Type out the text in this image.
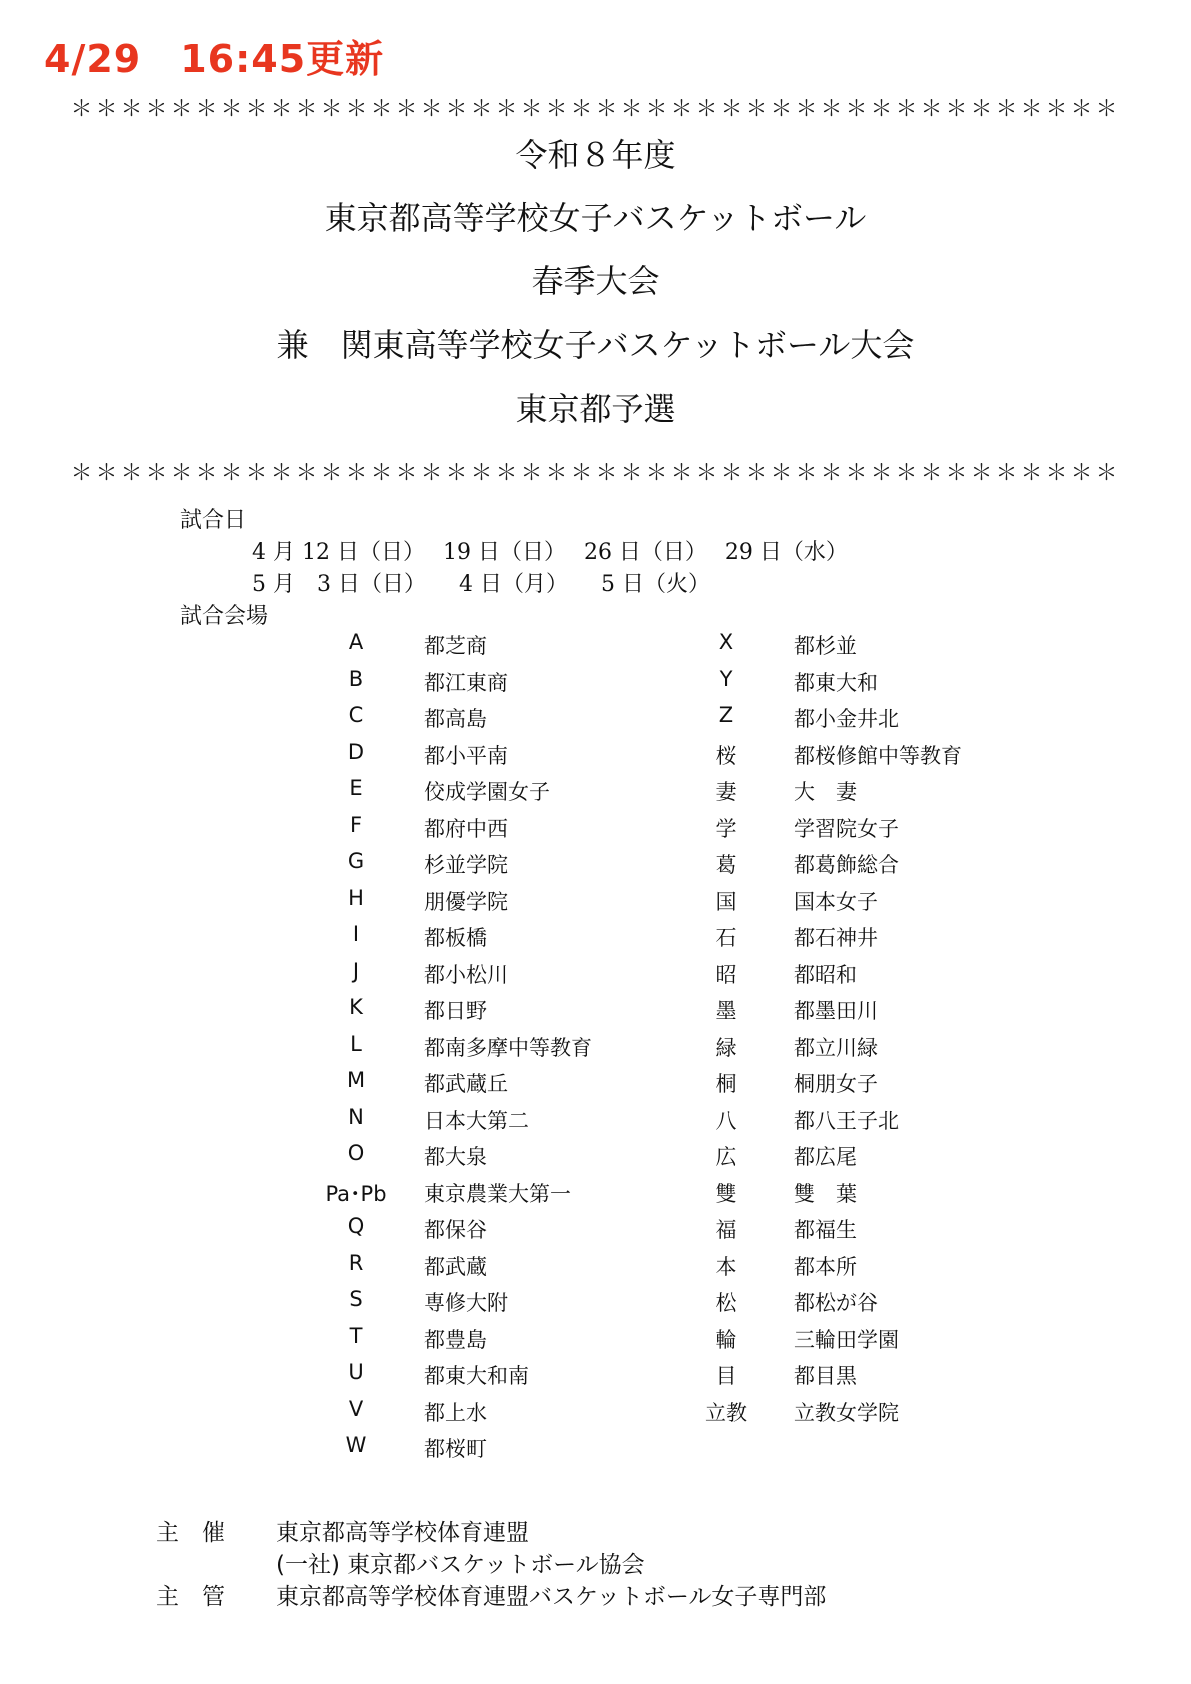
4/29　16:45更新
＊＊＊＊＊＊＊＊＊＊＊＊＊＊＊＊＊＊＊＊＊＊＊＊＊＊＊＊＊＊＊＊＊＊＊＊＊＊＊＊＊＊
令和８年度
東京都高等学校女子バスケットボール
春季大会
兼　関東高等学校女子バスケットボール大会
東京都予選
＊＊＊＊＊＊＊＊＊＊＊＊＊＊＊＊＊＊＊＊＊＊＊＊＊＊＊＊＊＊＊＊＊＊＊＊＊＊＊＊＊＊
試合日
4 月 12 日（日）　 19 日（日）　 26 日（日）　 29 日（水）
5 月　3 日（日）　　4 日（月）　　5 日（火）
試合会場
A	都芝商
B	都江東商
C	都高島
D	都小平南
E	佼成学園女子
F	都府中西
G	杉並学院
H	朋優学院
I	都板橋
J	都小松川
K	都日野
L	都南多摩中等教育
M	都武蔵丘
N	日本大第二
O	都大泉
Pa･Pb	東京農業大第一
Q	都保谷
R	都武蔵
S	専修大附
T	都豊島
U	都東大和南
V	都上水
W	都桜町
X	都杉並
Y	都東大和
Z	都小金井北
桜	都桜修館中等教育
妻	大　妻
学	学習院女子
葛	都葛飾総合
国	国本女子
石	都石神井
昭	都昭和
墨	都墨田川
緑	都立川緑
桐	桐朋女子
八	都八王子北
広	都広尾
雙	雙　葉
福	都福生
本	都本所
松	都松が谷
輪	三輪田学園
目	都目黒
立教	立教女学院
主　催 東京都高等学校体育連盟
(一社) 東京都バスケットボール協会
主　管 東京都高等学校体育連盟バスケットボール女子専門部
